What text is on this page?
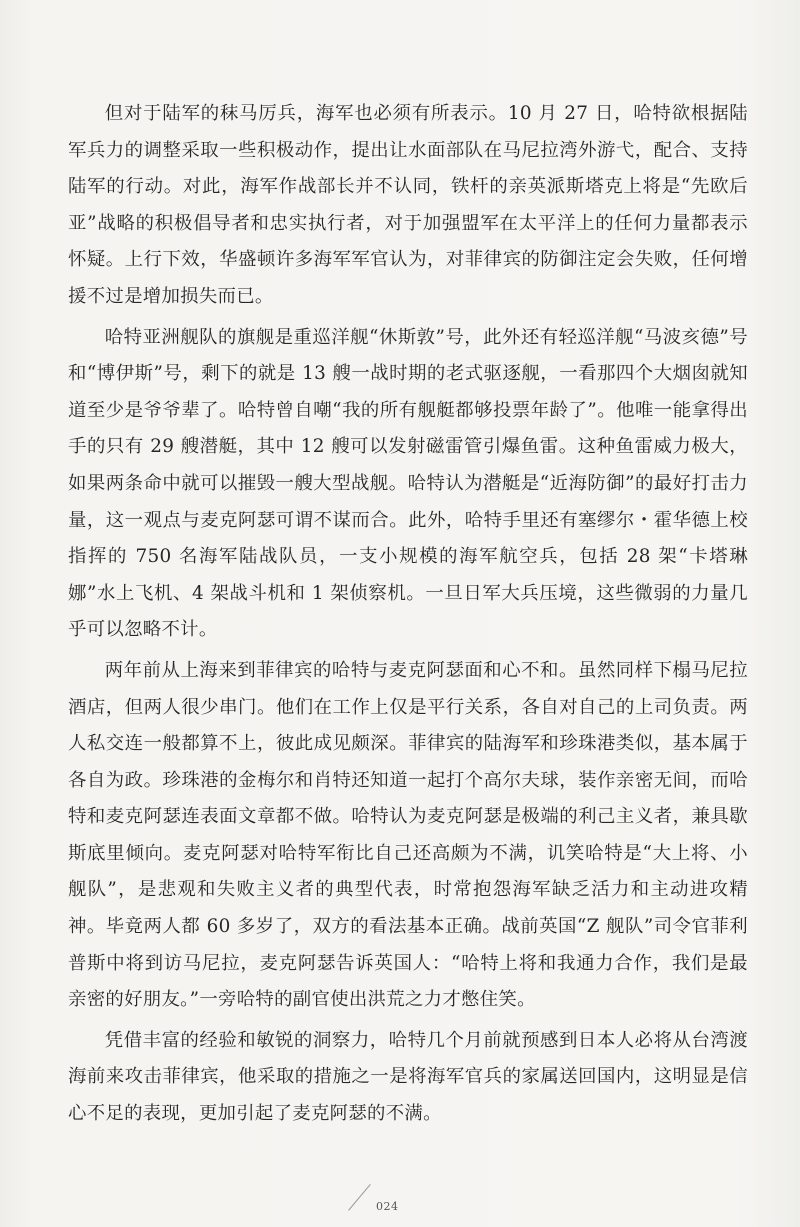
但对于陆军的秣马厉兵，海军也必须有所表示。10 月 27 日，哈特欲根据陆军兵力的调整采取一些积极动作，提出让水面部队在马尼拉湾外游弋，配合、支持陆军的行动。对此，海军作战部长并不认同，铁杆的亲英派斯塔克上将是“先欧后亚”战略的积极倡导者和忠实执行者，对于加强盟军在太平洋上的任何力量都表示怀疑。上行下效，华盛顿许多海军军官认为，对菲律宾的防御注定会失败，任何增援不过是增加损失而已。

哈特亚洲舰队的旗舰是重巡洋舰“休斯敦”号，此外还有轻巡洋舰“马波亥德”号和“博伊斯”号，剩下的就是 13 艘一战时期的老式驱逐舰，一看那四个大烟囱就知道至少是爷爷辈了。哈特曾自嘲“我的所有舰艇都够投票年龄了”。他唯一能拿得出手的只有 29 艘潜艇，其中 12 艘可以发射磁雷管引爆鱼雷。这种鱼雷威力极大，如果两条命中就可以摧毁一艘大型战舰。哈特认为潜艇是“近海防御”的最好打击力量，这一观点与麦克阿瑟可谓不谋而合。此外，哈特手里还有塞缪尔・霍华德上校指挥的 750 名海军陆战队员，一支小规模的海军航空兵，包括 28 架“卡塔琳娜”水上飞机、4 架战斗机和 1 架侦察机。一旦日军大兵压境，这些微弱的力量几乎可以忽略不计。

两年前从上海来到菲律宾的哈特与麦克阿瑟面和心不和。虽然同样下榻马尼拉酒店，但两人很少串门。他们在工作上仅是平行关系，各自对自己的上司负责。两人私交连一般都算不上，彼此成见颇深。菲律宾的陆海军和珍珠港类似，基本属于各自为政。珍珠港的金梅尔和肖特还知道一起打个高尔夫球，装作亲密无间，而哈特和麦克阿瑟连表面文章都不做。哈特认为麦克阿瑟是极端的利己主义者，兼具歇斯底里倾向。麦克阿瑟对哈特军衔比自己还高颇为不满，讥笑哈特是“大上将、小舰队”，是悲观和失败主义者的典型代表，时常抱怨海军缺乏活力和主动进攻精神。毕竟两人都 60 多岁了，双方的看法基本正确。战前英国“Z 舰队”司令官菲利普斯中将到访马尼拉，麦克阿瑟告诉英国人：“哈特上将和我通力合作，我们是最亲密的好朋友。”一旁哈特的副官使出洪荒之力才憋住笑。

凭借丰富的经验和敏锐的洞察力，哈特几个月前就预感到日本人必将从台湾渡海前来攻击菲律宾，他采取的措施之一是将海军官兵的家属送回国内，这明显是信心不足的表现，更加引起了麦克阿瑟的不满。

024
